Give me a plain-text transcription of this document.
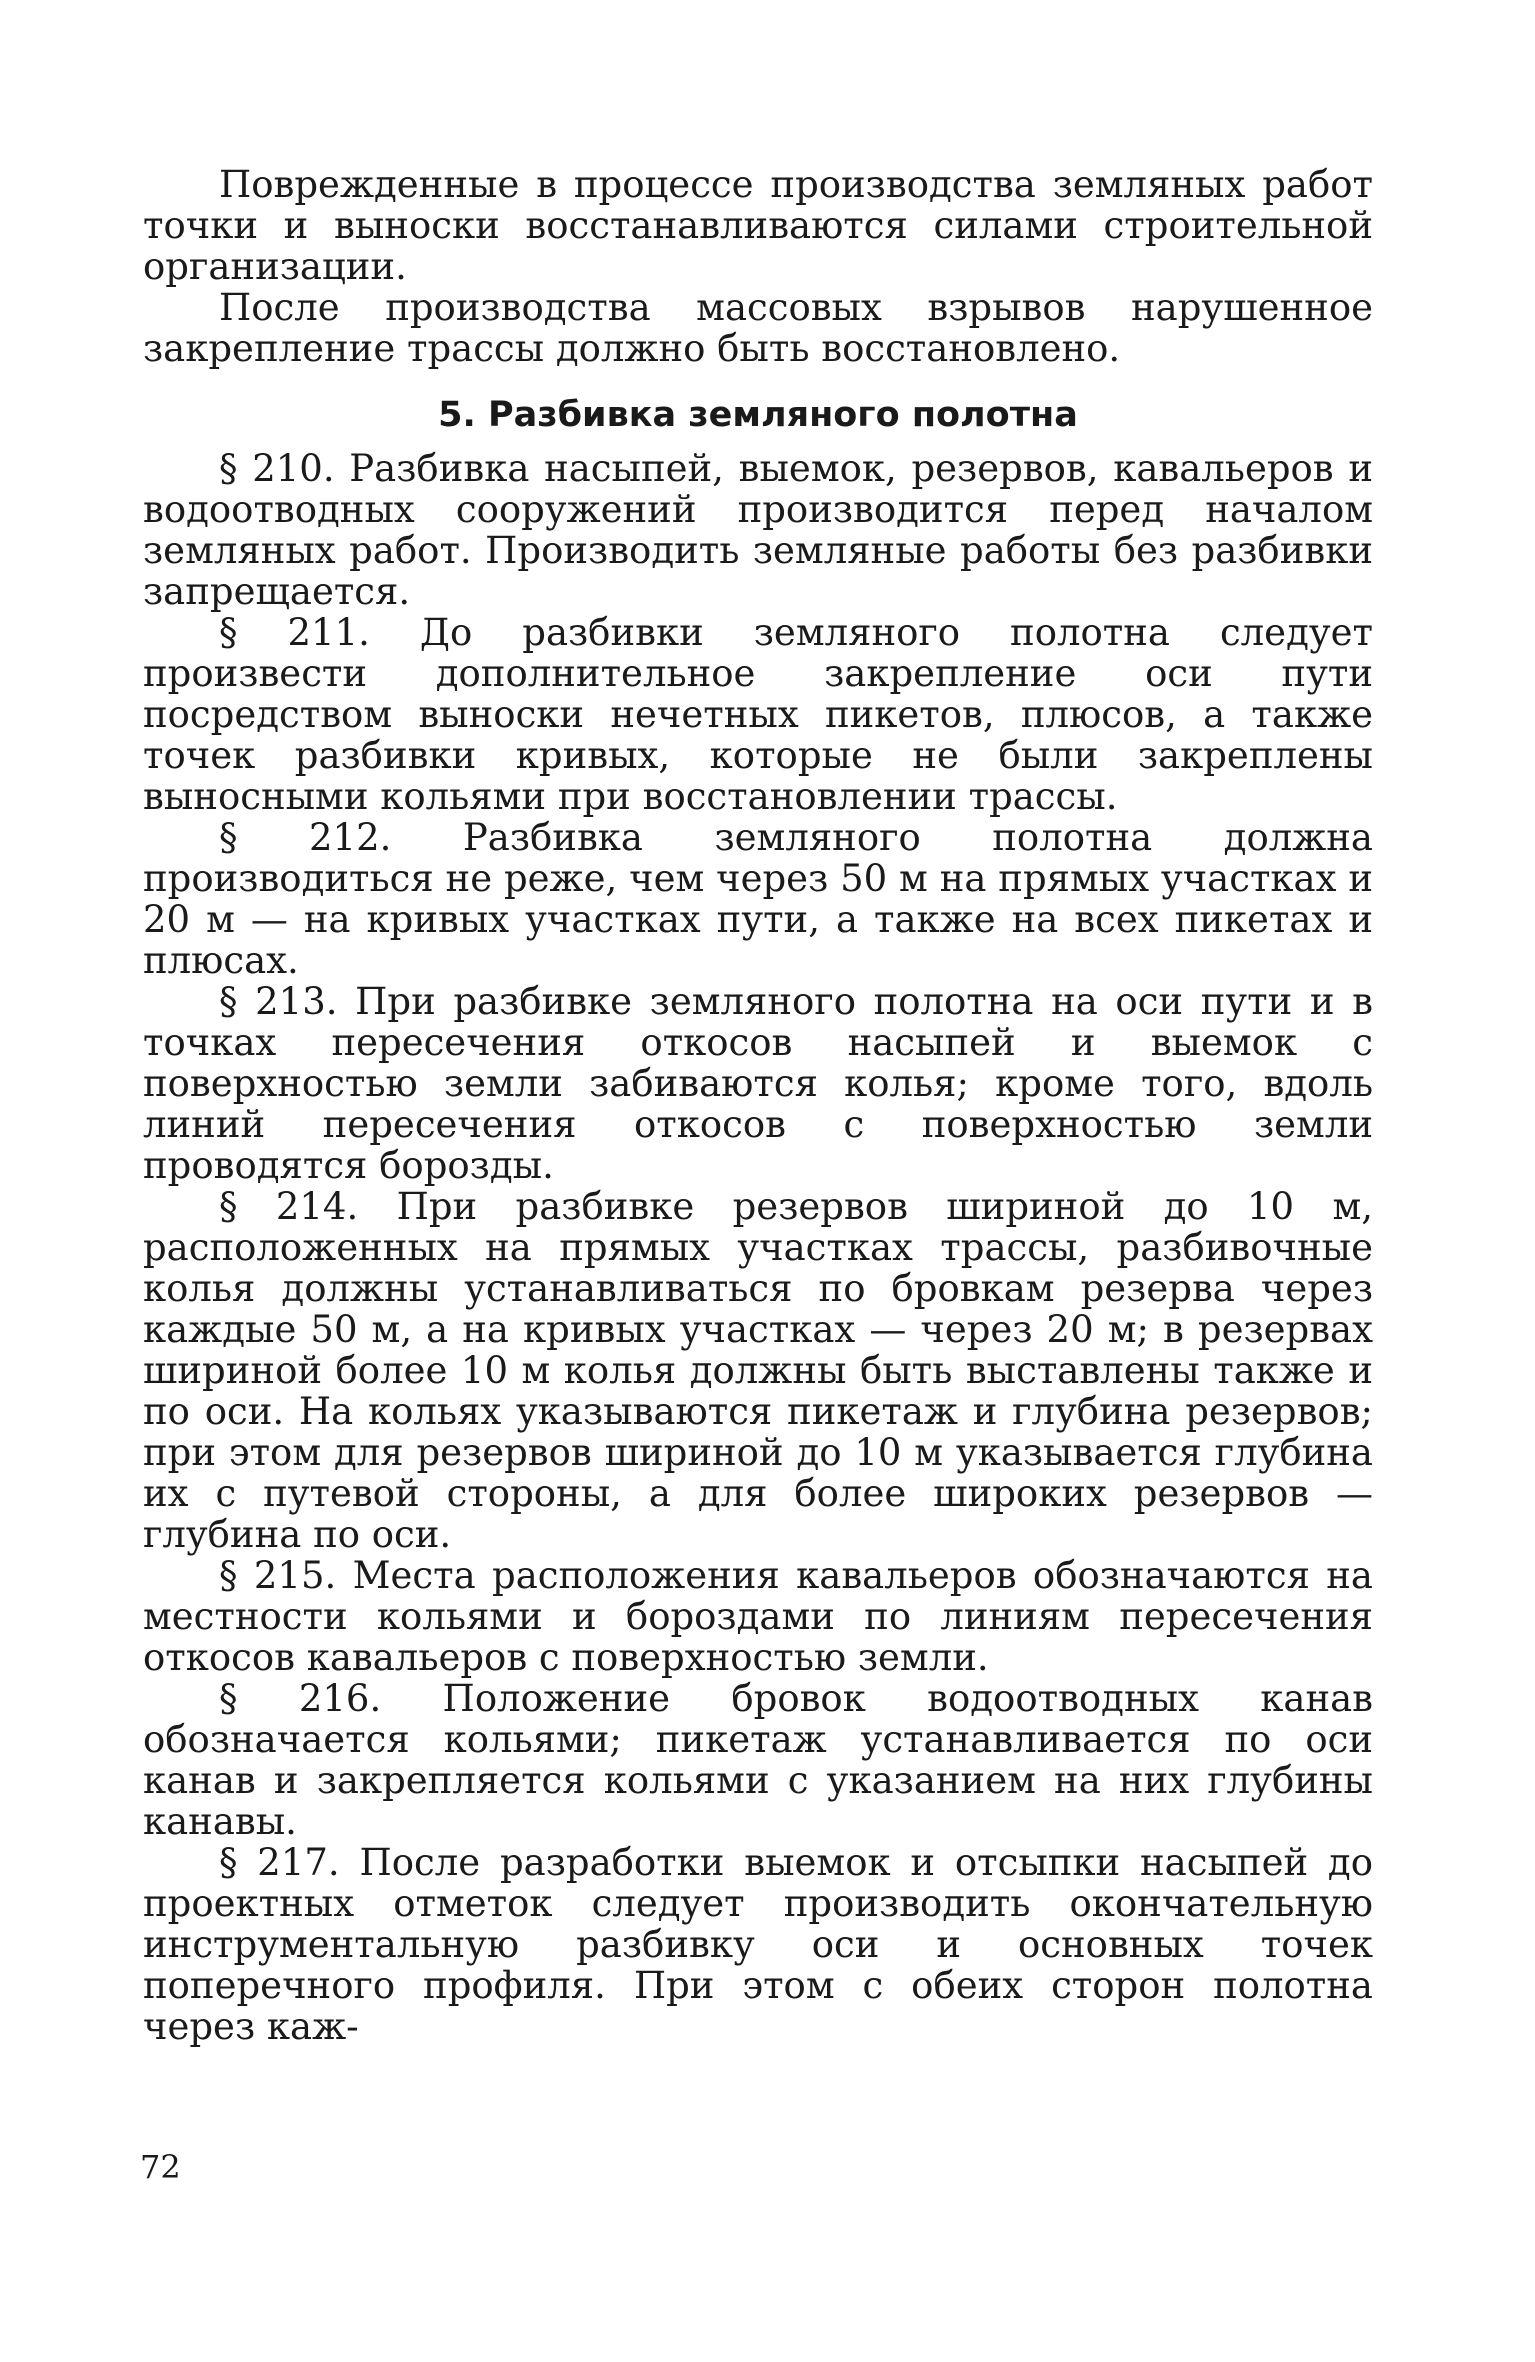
Поврежденные в процессе производства земляных работ точки и выноски восстанавливаются силами строительной организации.

После производства массовых взрывов нарушенное закрепление трассы должно быть восстановлено.

5. Разбивка земляного полотна

§ 210. Разбивка насыпей, выемок, резервов, кавальеров и водоотводных сооружений производится перед началом земляных работ. Производить земляные работы без разбивки запрещается.

§ 211. До разбивки земляного полотна следует произвести дополнительное закрепление оси пути посредством выноски нечетных пикетов, плюсов, а также точек разбивки кривых, которые не были закреплены выносными кольями при восстановлении трассы.

§ 212. Разбивка земляного полотна должна производиться не реже, чем через 50 м на прямых участках и 20 м — на кривых участках пути, а также на всех пикетах и плюсах.

§ 213. При разбивке земляного полотна на оси пути и в точках пересечения откосов насыпей и выемок с поверхностью земли забиваются колья; кроме того, вдоль линий пересечения откосов с поверхностью земли проводятся борозды.

§ 214. При разбивке резервов шириной до 10 м, расположенных на прямых участках трассы, разбивочные колья должны устанавливаться по бровкам резерва через каждые 50 м, а на кривых участках — через 20 м; в резервах шириной более 10 м колья должны быть выставлены также и по оси. На кольях указываются пикетаж и глубина резервов; при этом для резервов шириной до 10 м указывается глубина их с путевой стороны, а для более широких резервов — глубина по оси.

§ 215. Места расположения кавальеров обозначаются на местности кольями и бороздами по линиям пересечения откосов кавальеров с поверхностью земли.

§ 216. Положение бровок водоотводных канав обозначается кольями; пикетаж устанавливается по оси канав и закрепляется кольями с указанием на них глубины канавы.

§ 217. После разработки выемок и отсыпки насыпей до проектных отметок следует производить окончательную инструментальную разбивку оси и основных точек поперечного профиля. При этом с обеих сторон полотна через каж-

72
